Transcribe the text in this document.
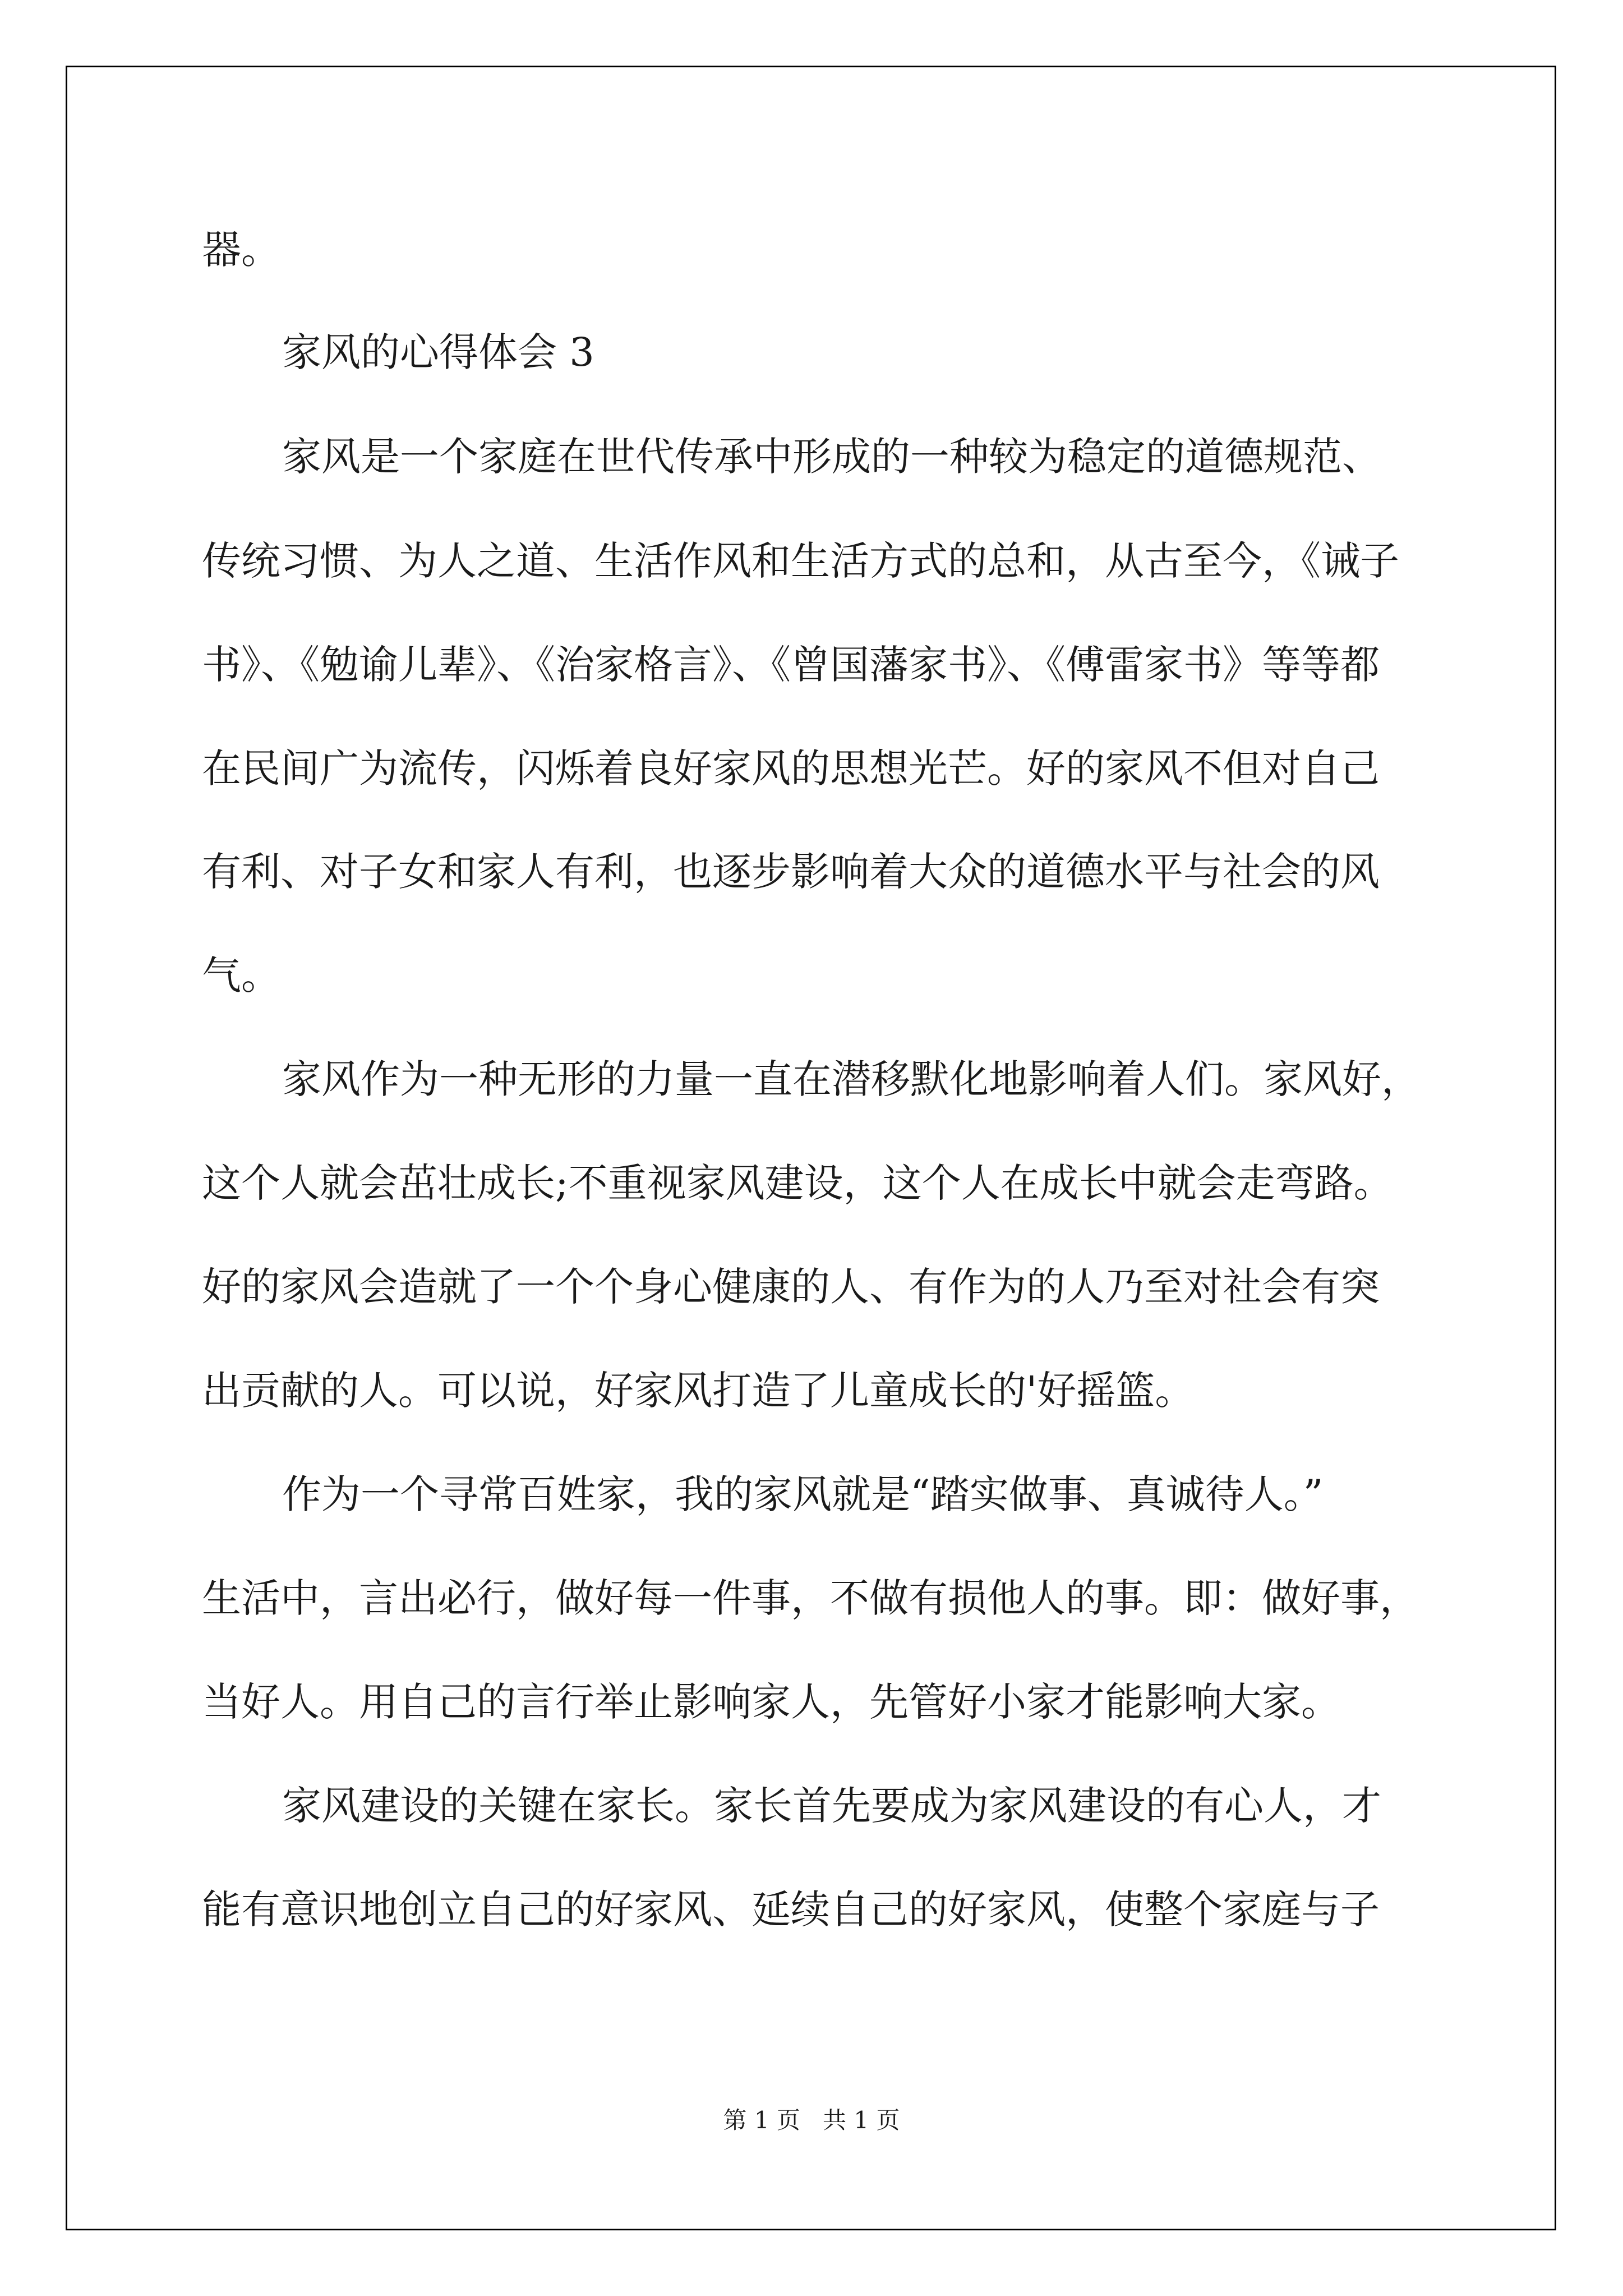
器。
家风的心得体会 3
家风是一个家庭在世代传承中形成的一种较为稳定的道德规范、
传统习惯、为人之道、生活作风和生活方式的总和，从古至今，《诫子
书》、《勉谕儿辈》、《治家格言》、《曾国藩家书》、《傅雷家书》等等都
在民间广为流传，闪烁着良好家风的思想光芒。好的家风不但对自己
有利、对子女和家人有利，也逐步影响着大众的道德水平与社会的风
气。
家风作为一种无形的力量一直在潜移默化地影响着人们。家风好，
这个人就会茁壮成长;不重视家风建设，这个人在成长中就会走弯路。
好的家风会造就了一个个身心健康的人、有作为的人乃至对社会有突
出贡献的人。可以说，好家风打造了儿童成长的'好摇篮。
作为一个寻常百姓家，我的家风就是“踏实做事、真诚待人。”
生活中，言出必行，做好每一件事，不做有损他人的事。即：做好事，
当好人。用自己的言行举止影响家人，先管好小家才能影响大家。
家风建设的关键在家长。家长首先要成为家风建设的有心人，才
能有意识地创立自己的好家风、延续自己的好家风，使整个家庭与子
第 1 页   共 1 页
